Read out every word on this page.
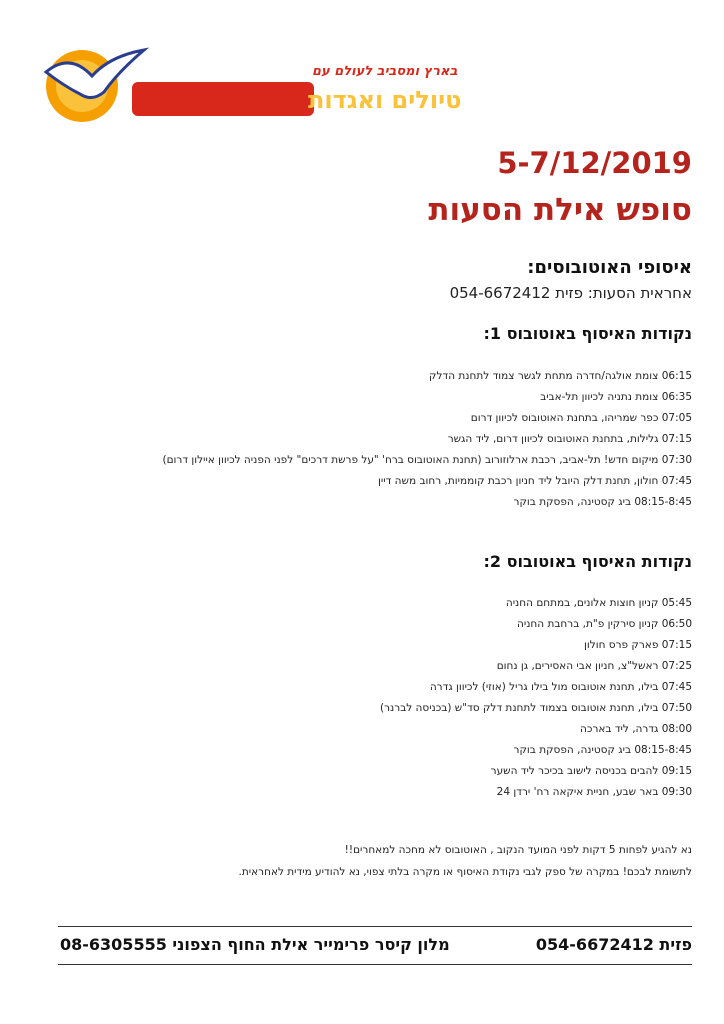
בארץ ומסביב לעולם עם
טיולים ואגדות
5-7/12/2019
סופש אילת הסעות
איסופי האוטובוסים:
אחראית הסעות: פזית 054-6672412
נקודות האיסוף באוטובוס 1:
06:15 צומת אולגה/חדרה מתחת לגשר צמוד לתחנת הדלק
06:35 צומת נתניה לכיוון תל-אביב
07:05 כפר שמריהו, בתחנת האוטובוס לכיוון דרום
07:15 גלילות, בתחנת האוטובוס לכיוון דרום, ליד הגשר
07:30 מיקום חדש! תל-אביב, רכבת ארלוזורוב (תחנת האוטובוס ברח' "על פרשת דרכים" לפני הפניה לכיוון איילון דרום)
07:45 חולון, תחנת דלק היובל ליד חניון רכבת קוממיות, רחוב משה דיין
08:15-8:45 ביג קסטינה, הפסקת בוקר
נקודות האיסוף באוטובוס 2:
05:45 קניון חוצות אלונים, במתחם החניה
06:50 קניון סירקין פ"ת, ברחבת החניה
07:15 פארק פרס חולון
07:25 ראשל"צ, חניון אבי האסירים, גן נחום
07:45 בילו, תחנת אוטובוס מול בילו גריל (אוזי) לכיוון גדרה
07:50 בילו, תחנת אוטובוס בצמוד לתחנת דלק סד"ש (בכניסה לברנר)
08:00 גדרה, ליד בארכה
08:15-8:45 ביג קסטינה, הפסקת בוקר
09:15 להבים בכניסה לישוב בכיכר ליד השער
09:30 באר שבע, חניית איקאה רח' ירדן 24
נא להגיע לפחות 5 דקות לפני המועד הנקוב , האוטובוס לא מחכה למאחרים!!
לתשומת לבכם! במקרה של ספק לגבי נקודת האיסוף או מקרה בלתי צפוי, נא להודיע מידית לאחראית.
פזית 054-6672412
מלון קיסר פרימייר אילת החוף הצפוני 08-6305555
